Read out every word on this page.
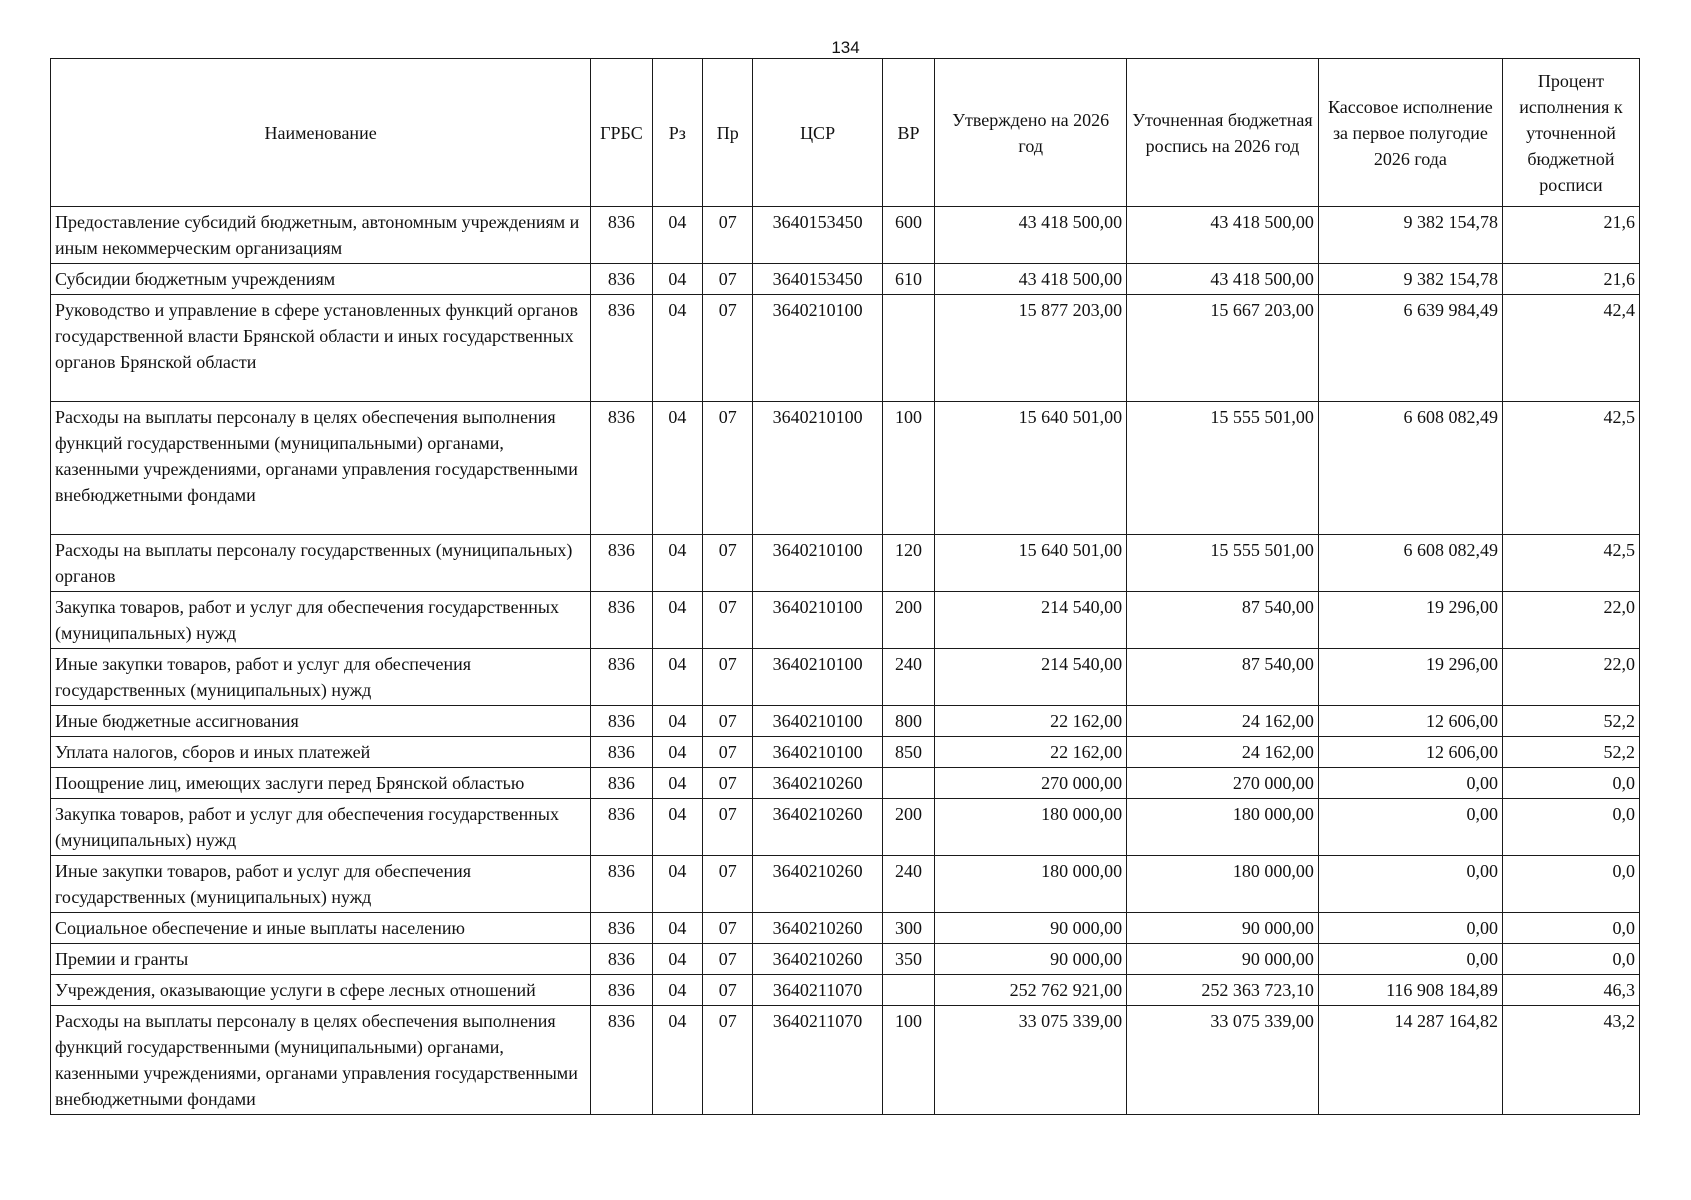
134
Наименование	ГРБС	Рз	Пр	ЦСР	ВР	Утверждено на 2026 год	Уточненная бюджетная роспись на 2026 год	Кассовое исполнение за первое полугодие 2026 года	Процент исполнения к уточненной бюджетной росписи
Предоставление субсидий бюджетным, автономным учреждениям и иным некоммерческим организациям	836	04	07	3640153450	600	43 418 500,00	43 418 500,00	9 382 154,78	21,6
Субсидии бюджетным учреждениям	836	04	07	3640153450	610	43 418 500,00	43 418 500,00	9 382 154,78	21,6
Руководство и управление в сфере установленных функций органов государственной власти Брянской области и иных государственных органов Брянской области	836	04	07	3640210100		15 877 203,00	15 667 203,00	6 639 984,49	42,4
Расходы на выплаты персоналу в целях обеспечения выполнения функций государственными (муниципальными) органами, казенными учреждениями, органами управления государственными внебюджетными фондами	836	04	07	3640210100	100	15 640 501,00	15 555 501,00	6 608 082,49	42,5
Расходы на выплаты персоналу государственных (муниципальных) органов	836	04	07	3640210100	120	15 640 501,00	15 555 501,00	6 608 082,49	42,5
Закупка товаров, работ и услуг для обеспечения государственных (муниципальных) нужд	836	04	07	3640210100	200	214 540,00	87 540,00	19 296,00	22,0
Иные закупки товаров, работ и услуг для обеспечения государственных (муниципальных) нужд	836	04	07	3640210100	240	214 540,00	87 540,00	19 296,00	22,0
Иные бюджетные ассигнования	836	04	07	3640210100	800	22 162,00	24 162,00	12 606,00	52,2
Уплата налогов, сборов и иных платежей	836	04	07	3640210100	850	22 162,00	24 162,00	12 606,00	52,2
Поощрение лиц, имеющих заслуги перед Брянской областью	836	04	07	3640210260		270 000,00	270 000,00	0,00	0,0
Закупка товаров, работ и услуг для обеспечения государственных (муниципальных) нужд	836	04	07	3640210260	200	180 000,00	180 000,00	0,00	0,0
Иные закупки товаров, работ и услуг для обеспечения государственных (муниципальных) нужд	836	04	07	3640210260	240	180 000,00	180 000,00	0,00	0,0
Социальное обеспечение и иные выплаты населению	836	04	07	3640210260	300	90 000,00	90 000,00	0,00	0,0
Премии и гранты	836	04	07	3640210260	350	90 000,00	90 000,00	0,00	0,0
Учреждения, оказывающие услуги в сфере лесных отношений	836	04	07	3640211070		252 762 921,00	252 363 723,10	116 908 184,89	46,3
Расходы на выплаты персоналу в целях обеспечения выполнения функций государственными (муниципальными) органами, казенными учреждениями, органами управления государственными внебюджетными фондами	836	04	07	3640211070	100	33 075 339,00	33 075 339,00	14 287 164,82	43,2
